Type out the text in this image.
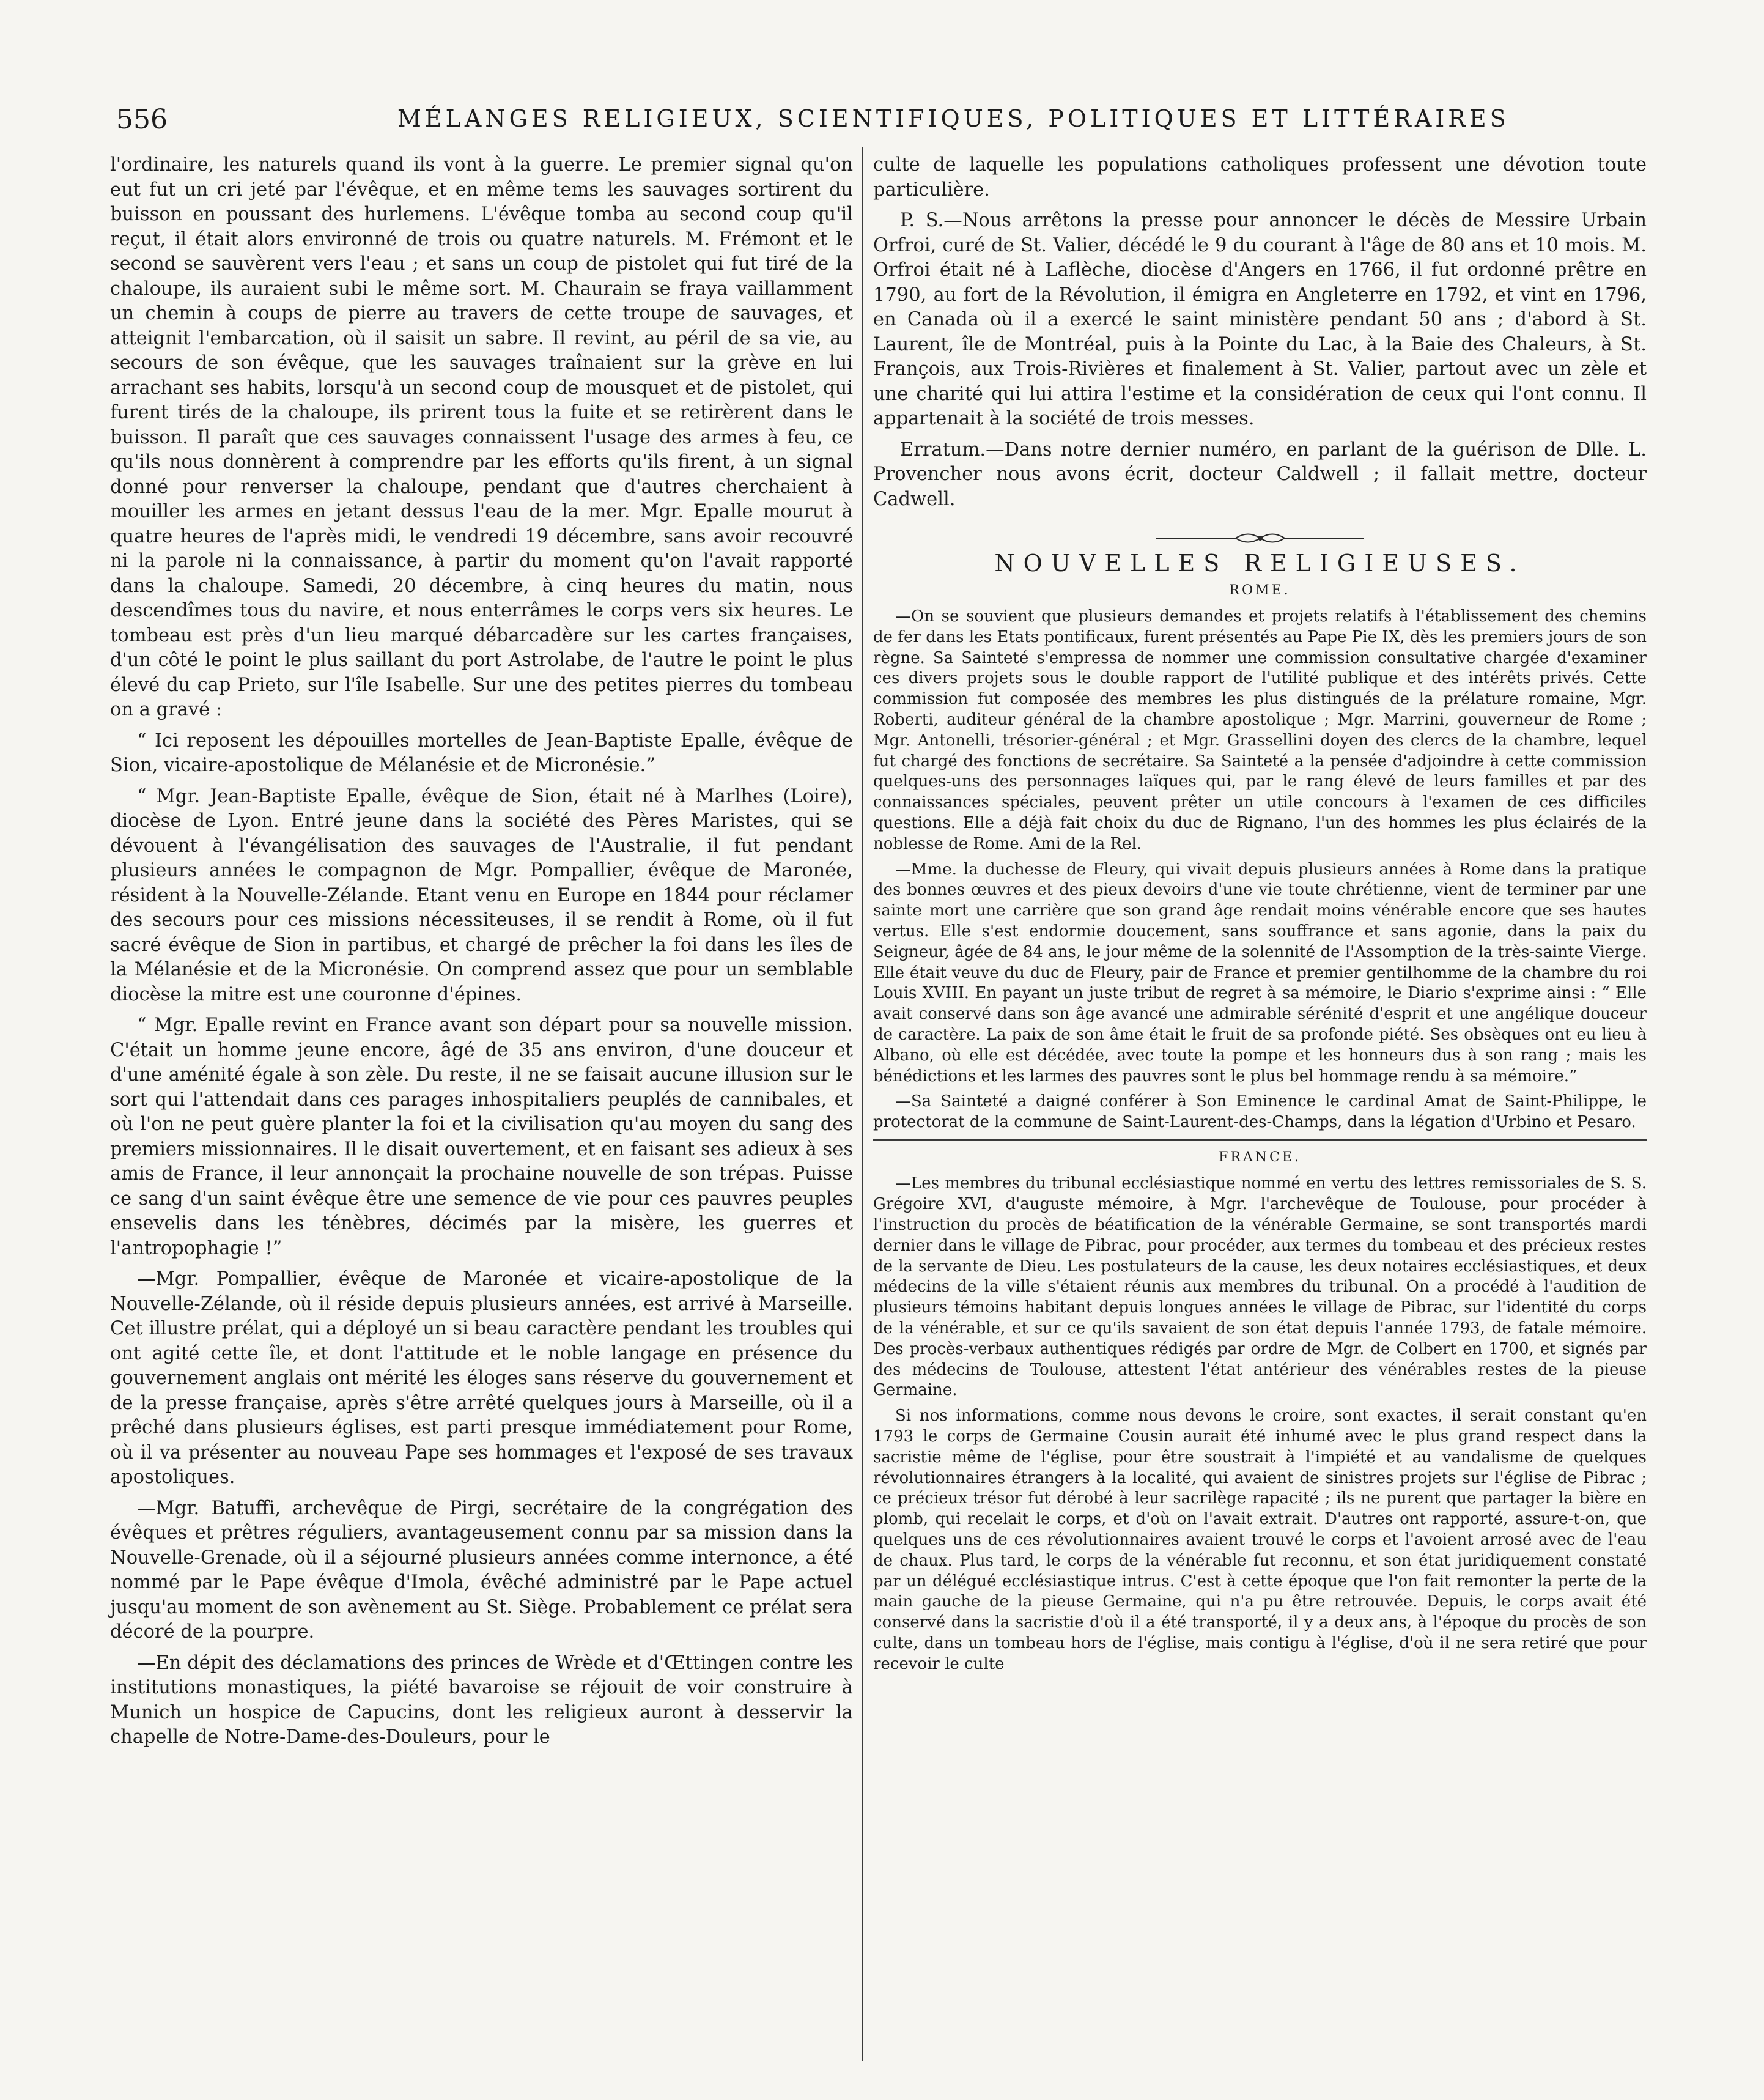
556	MÉLANGES RELIGIEUX, SCIENTIFIQUES, POLITIQUES ET LITTÉRAIRES

l'ordinaire, les naturels quand ils vont à la guerre. Le premier signal qu'on eut fut un cri jeté par l'évêque, et en même tems les sauvages sortirent du buisson en poussant des hurlemens. L'évêque tomba au second coup qu'il reçut, il était alors environné de trois ou quatre naturels. M. Frémont et le second se sauvèrent vers l'eau ; et sans un coup de pistolet qui fut tiré de la chaloupe, ils auraient subi le même sort. M. Chaurain se fraya vaillamment un chemin à coups de pierre au travers de cette troupe de sauvages, et atteignit l'embarcation, où il saisit un sabre. Il revint, au péril de sa vie, au secours de son évêque, que les sauvages traînaient sur la grève en lui arrachant ses habits, lorsqu'à un second coup de mousquet et de pistolet, qui furent tirés de la chaloupe, ils prirent tous la fuite et se retirèrent dans le buisson. Il paraît que ces sauvages connaissent l'usage des armes à feu, ce qu'ils nous donnèrent à comprendre par les efforts qu'ils firent, à un signal donné pour renverser la chaloupe, pendant que d'autres cherchaient à mouiller les armes en jetant dessus l'eau de la mer. Mgr. Epalle mourut à quatre heures de l'après midi, le vendredi 19 décembre, sans avoir recouvré ni la parole ni la connaissance, à partir du moment qu'on l'avait rapporté dans la chaloupe. Samedi, 20 décembre, à cinq heures du matin, nous descendîmes tous du navire, et nous enterrâmes le corps vers six heures. Le tombeau est près d'un lieu marqué débarcadère sur les cartes françaises, d'un côté le point le plus saillant du port Astrolabe, de l'autre le point le plus élevé du cap Prieto, sur l'île Isabelle. Sur une des petites pierres du tombeau on a gravé :

“ Ici reposent les dépouilles mortelles de Jean-Baptiste Epalle, évêque de Sion, vicaire-apostolique de Mélanésie et de Micronésie.”

“ Mgr. Jean-Baptiste Epalle, évêque de Sion, était né à Marlhes (Loire), diocèse de Lyon. Entré jeune dans la société des Pères Maristes, qui se dévouent à l'évangélisation des sauvages de l'Australie, il fut pendant plusieurs années le compagnon de Mgr. Pompallier, évêque de Maronée, résident à la Nouvelle-Zélande. Etant venu en Europe en 1844 pour réclamer des secours pour ces missions nécessiteuses, il se rendit à Rome, où il fut sacré évêque de Sion in partibus, et chargé de prêcher la foi dans les îles de la Mélanésie et de la Micronésie. On comprend assez que pour un semblable diocèse la mitre est une couronne d'épines.

“ Mgr. Epalle revint en France avant son départ pour sa nouvelle mission. C'était un homme jeune encore, âgé de 35 ans environ, d'une douceur et d'une aménité égale à son zèle. Du reste, il ne se faisait aucune illusion sur le sort qui l'attendait dans ces parages inhospitaliers peuplés de cannibales, et où l'on ne peut guère planter la foi et la civilisation qu'au moyen du sang des premiers missionnaires. Il le disait ouvertement, et en faisant ses adieux à ses amis de France, il leur annonçait la prochaine nouvelle de son trépas. Puisse ce sang d'un saint évêque être une semence de vie pour ces pauvres peuples ensevelis dans les ténèbres, décimés par la misère, les guerres et l'antropophagie !”

—Mgr. Pompallier, évêque de Maronée et vicaire-apostolique de la Nouvelle-Zélande, où il réside depuis plusieurs années, est arrivé à Marseille. Cet illustre prélat, qui a déployé un si beau caractère pendant les troubles qui ont agité cette île, et dont l'attitude et le noble langage en présence du gouvernement anglais ont mérité les éloges sans réserve du gouvernement et de la presse française, après s'être arrêté quelques jours à Marseille, où il a prêché dans plusieurs églises, est parti presque immédiatement pour Rome, où il va présenter au nouveau Pape ses hommages et l'exposé de ses travaux apostoliques.

—Mgr. Batuffi, archevêque de Pirgi, secrétaire de la congrégation des évêques et prêtres réguliers, avantageusement connu par sa mission dans la Nouvelle-Grenade, où il a séjourné plusieurs années comme internonce, a été nommé par le Pape évêque d'Imola, évêché administré par le Pape actuel jusqu'au moment de son avènement au St. Siège. Probablement ce prélat sera décoré de la pourpre.

—En dépit des déclamations des princes de Wrède et d'Œttingen contre les institutions monastiques, la piété bavaroise se réjouit de voir construire à Munich un hospice de Capucins, dont les religieux auront à desservir la chapelle de Notre-Dame-des-Douleurs, pour le

culte de laquelle les populations catholiques professent une dévotion toute particulière.

P. S.—Nous arrêtons la presse pour annoncer le décès de Messire Urbain Orfroi, curé de St. Valier, décédé le 9 du courant à l'âge de 80 ans et 10 mois. M. Orfroi était né à Laflèche, diocèse d'Angers en 1766, il fut ordonné prêtre en 1790, au fort de la Révolution, il émigra en Angleterre en 1792, et vint en 1796, en Canada où il a exercé le saint ministère pendant 50 ans ; d'abord à St. Laurent, île de Montréal, puis à la Pointe du Lac, à la Baie des Chaleurs, à St. François, aux Trois-Rivières et finalement à St. Valier, partout avec un zèle et une charité qui lui attira l'estime et la considération de ceux qui l'ont connu. Il appartenait à la société de trois messes.

Erratum.—Dans notre dernier numéro, en parlant de la guérison de Dlle. L. Provencher nous avons écrit, docteur Caldwell ; il fallait mettre, docteur Cadwell.

NOUVELLES RELIGIEUSES.
ROME.

—On se souvient que plusieurs demandes et projets relatifs à l'établissement des chemins de fer dans les Etats pontificaux, furent présentés au Pape Pie IX, dès les premiers jours de son règne. Sa Sainteté s'empressa de nommer une commission consultative chargée d'examiner ces divers projets sous le double rapport de l'utilité publique et des intérêts privés. Cette commission fut composée des membres les plus distingués de la prélature romaine, Mgr. Roberti, auditeur général de la chambre apostolique ; Mgr. Marrini, gouverneur de Rome ; Mgr. Antonelli, trésorier-général ; et Mgr. Grassellini doyen des clercs de la chambre, lequel fut chargé des fonctions de secrétaire. Sa Sainteté a la pensée d'adjoindre à cette commission quelques-uns des personnages laïques qui, par le rang élevé de leurs familles et par des connaissances spéciales, peuvent prêter un utile concours à l'examen de ces difficiles questions. Elle a déjà fait choix du duc de Rignano, l'un des hommes les plus éclairés de la noblesse de Rome. Ami de la Rel.

—Mme. la duchesse de Fleury, qui vivait depuis plusieurs années à Rome dans la pratique des bonnes œuvres et des pieux devoirs d'une vie toute chrétienne, vient de terminer par une sainte mort une carrière que son grand âge rendait moins vénérable encore que ses hautes vertus. Elle s'est endormie doucement, sans souffrance et sans agonie, dans la paix du Seigneur, âgée de 84 ans, le jour même de la solennité de l'Assomption de la très-sainte Vierge. Elle était veuve du duc de Fleury, pair de France et premier gentilhomme de la chambre du roi Louis XVIII. En payant un juste tribut de regret à sa mémoire, le Diario s'exprime ainsi : “ Elle avait conservé dans son âge avancé une admirable sérénité d'esprit et une angélique douceur de caractère. La paix de son âme était le fruit de sa profonde piété. Ses obsèques ont eu lieu à Albano, où elle est décédée, avec toute la pompe et les honneurs dus à son rang ; mais les bénédictions et les larmes des pauvres sont le plus bel hommage rendu à sa mémoire.”

—Sa Sainteté a daigné conférer à Son Eminence le cardinal Amat de Saint-Philippe, le protectorat de la commune de Saint-Laurent-des-Champs, dans la légation d'Urbino et Pesaro.

FRANCE.

—Les membres du tribunal ecclésiastique nommé en vertu des lettres remissoriales de S. S. Grégoire XVI, d'auguste mémoire, à Mgr. l'archevêque de Toulouse, pour procéder à l'instruction du procès de béatification de la vénérable Germaine, se sont transportés mardi dernier dans le village de Pibrac, pour procéder, aux termes du tombeau et des précieux restes de la servante de Dieu. Les postulateurs de la cause, les deux notaires ecclésiastiques, et deux médecins de la ville s'étaient réunis aux membres du tribunal. On a procédé à l'audition de plusieurs témoins habitant depuis longues années le village de Pibrac, sur l'identité du corps de la vénérable, et sur ce qu'ils savaient de son état depuis l'année 1793, de fatale mémoire. Des procès-verbaux authentiques rédigés par ordre de Mgr. de Colbert en 1700, et signés par des médecins de Toulouse, attestent l'état antérieur des vénérables restes de la pieuse Germaine.

Si nos informations, comme nous devons le croire, sont exactes, il serait constant qu'en 1793 le corps de Germaine Cousin aurait été inhumé avec le plus grand respect dans la sacristie même de l'église, pour être soustrait à l'impiété et au vandalisme de quelques révolutionnaires étrangers à la localité, qui avaient de sinistres projets sur l'église de Pibrac ; ce précieux trésor fut dérobé à leur sacrilège rapacité ; ils ne purent que partager la bière en plomb, qui recelait le corps, et d'où on l'avait extrait. D'autres ont rapporté, assure-t-on, que quelques uns de ces révolutionnaires avaient trouvé le corps et l'avoient arrosé avec de l'eau de chaux. Plus tard, le corps de la vénérable fut reconnu, et son état juridiquement constaté par un délégué ecclésiastique intrus. C'est à cette époque que l'on fait remonter la perte de la main gauche de la pieuse Germaine, qui n'a pu être retrouvée. Depuis, le corps avait été conservé dans la sacristie d'où il a été transporté, il y a deux ans, à l'époque du procès de son culte, dans un tombeau hors de l'église, mais contigu à l'église, d'où il ne sera retiré que pour recevoir le culte
